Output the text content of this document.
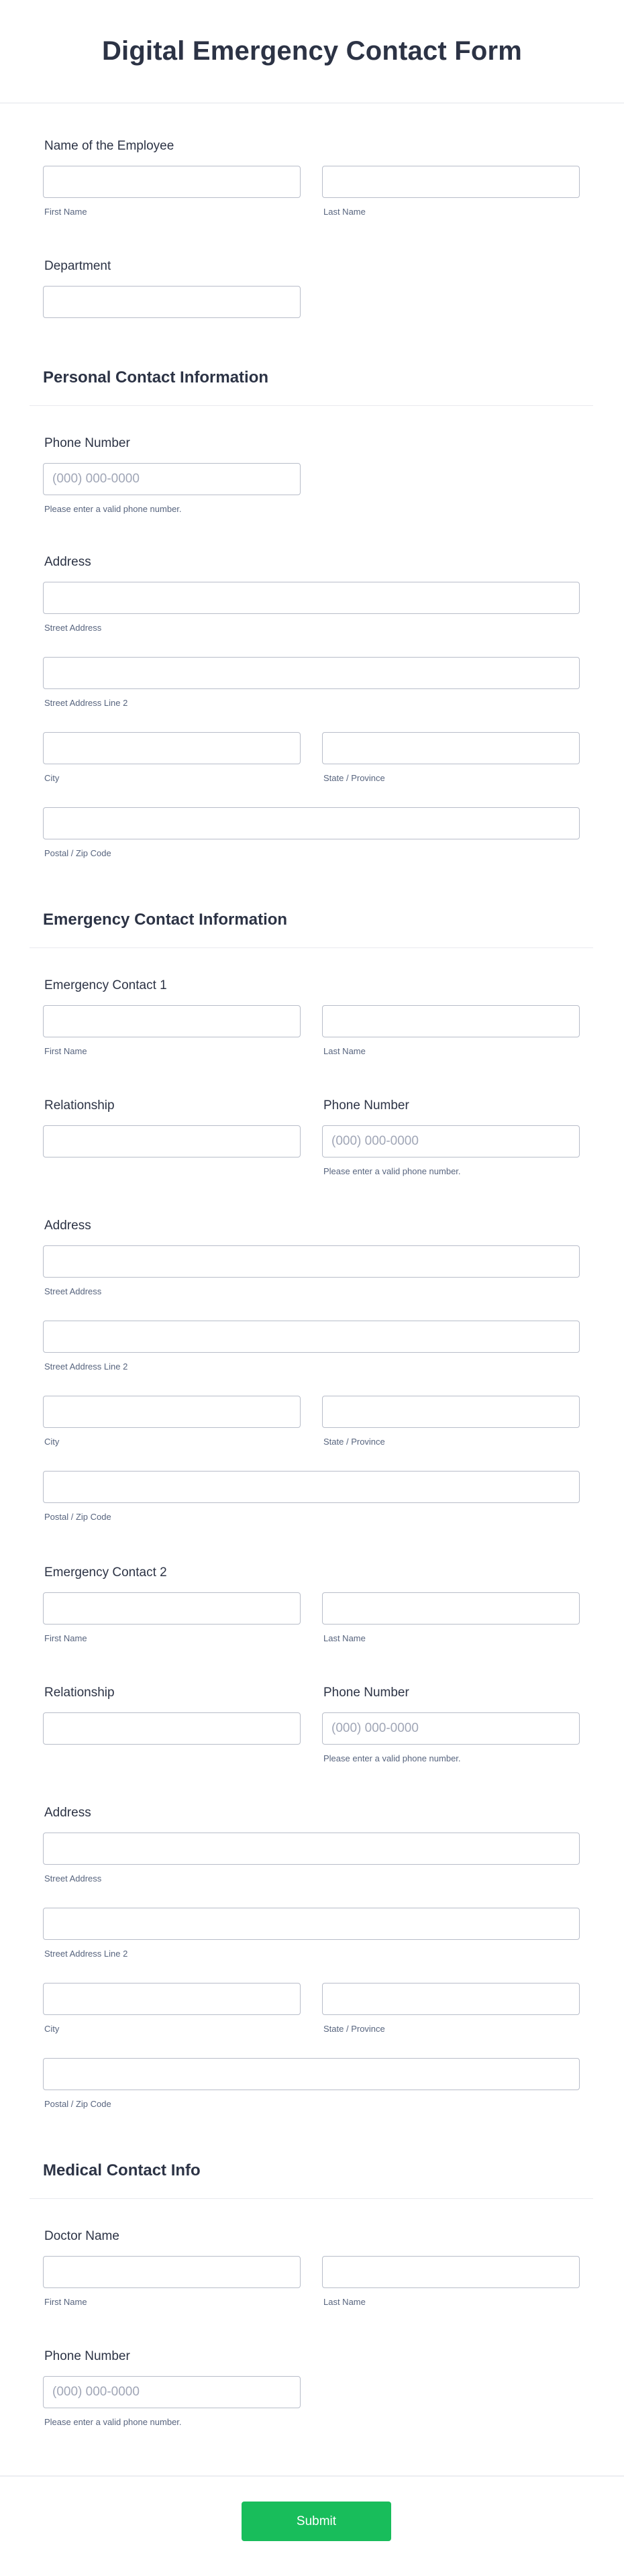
Digital Emergency Contact Form
Name of the Employee
First Name	Last Name
Department
Personal Contact Information
Phone Number
(000) 000-0000
Please enter a valid phone number.
Address
Street Address
Street Address Line 2
City	State / Province
Postal / Zip Code
Emergency Contact Information
Emergency Contact 1
First Name	Last Name
Relationship	Phone Number
(000) 000-0000
Please enter a valid phone number.
Address
Street Address
Street Address Line 2
City	State / Province
Postal / Zip Code
Emergency Contact 2
First Name	Last Name
Relationship	Phone Number
(000) 000-0000
Please enter a valid phone number.
Address
Street Address
Street Address Line 2
City	State / Province
Postal / Zip Code
Medical Contact Info
Doctor Name
First Name	Last Name
Phone Number
(000) 000-0000
Please enter a valid phone number.
Submit
